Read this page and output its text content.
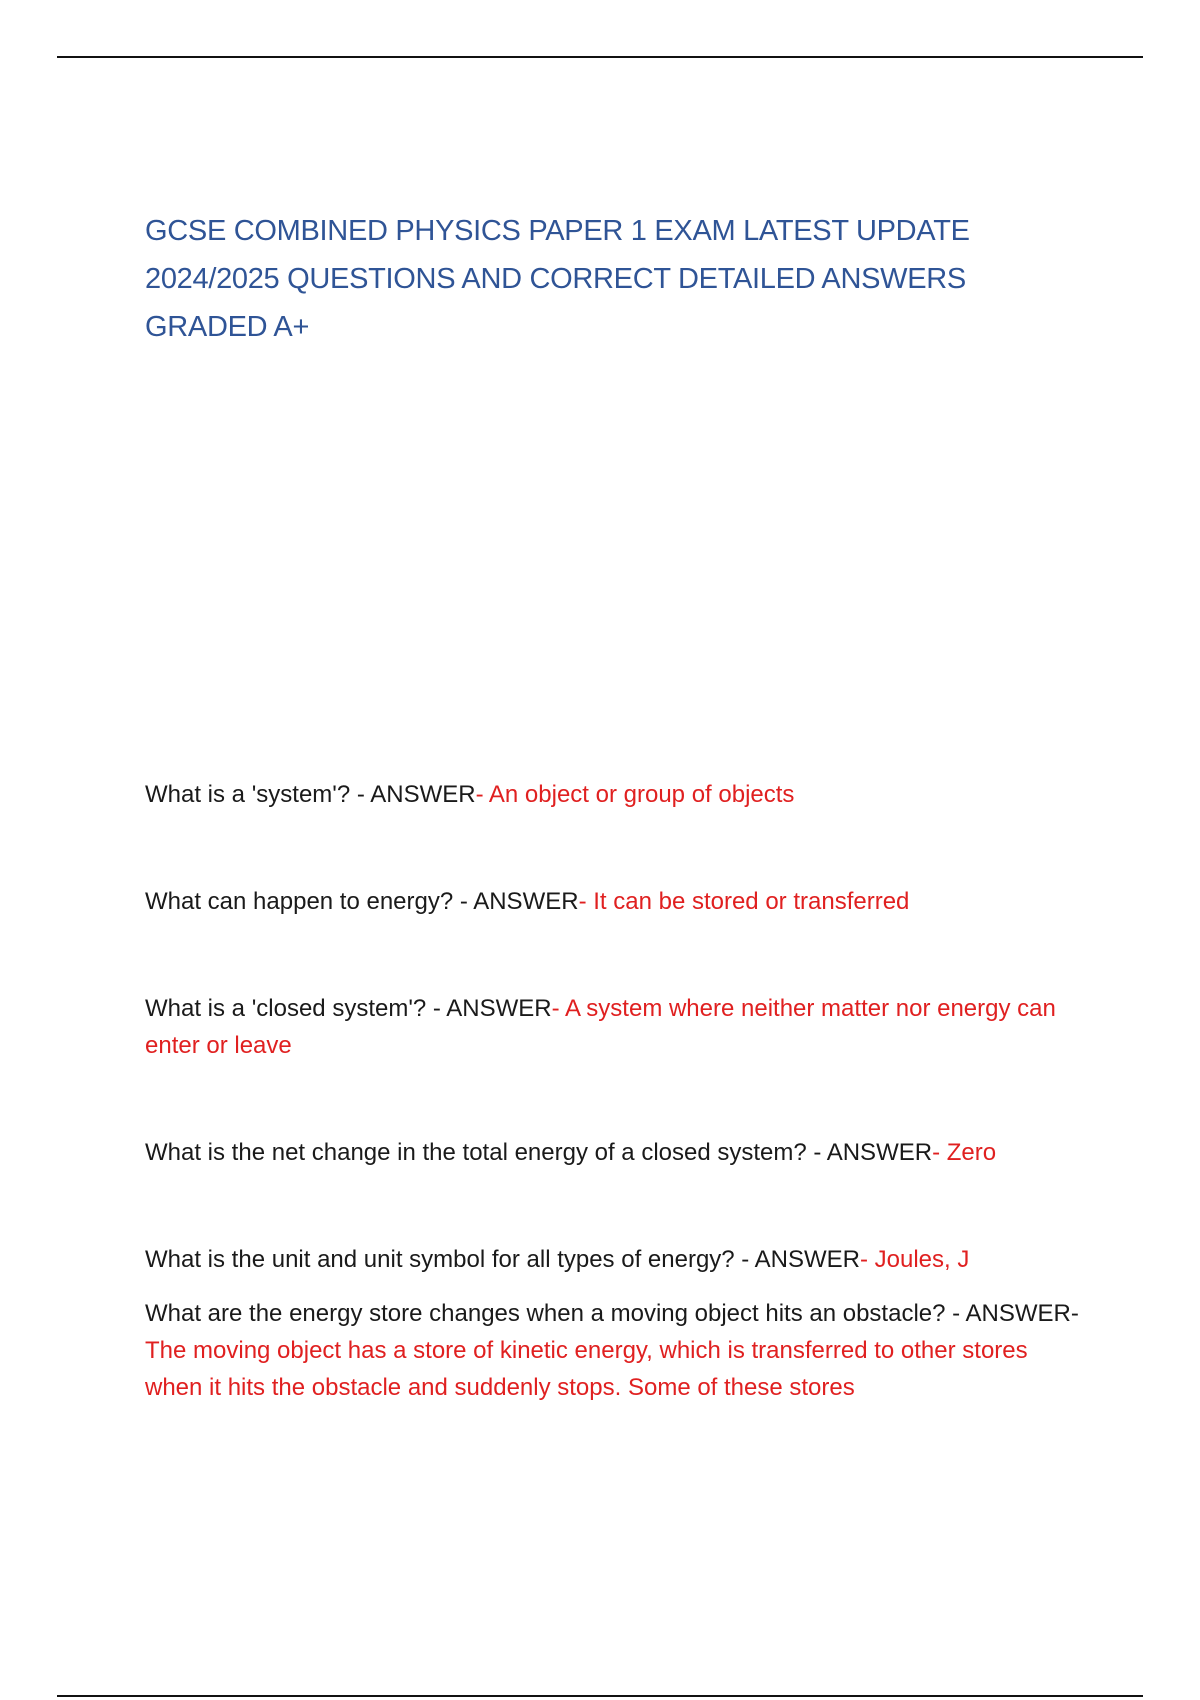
GCSE COMBINED PHYSICS PAPER 1 EXAM LATEST UPDATE 2024/2025 QUESTIONS AND CORRECT DETAILED ANSWERS GRADED A+

What is a 'system'? - ANSWER- An object or group of objects

What can happen to energy? - ANSWER- It can be stored or transferred

What is a 'closed system'? - ANSWER- A system where neither matter nor energy can enter or leave

What is the net change in the total energy of a closed system? - ANSWER- Zero

What is the unit and unit symbol for all types of energy? - ANSWER- Joules, J

What are the energy store changes when a moving object hits an obstacle? - ANSWER- The moving object has a store of kinetic energy, which is transferred to other stores when it hits the obstacle and suddenly stops. Some of these stores
